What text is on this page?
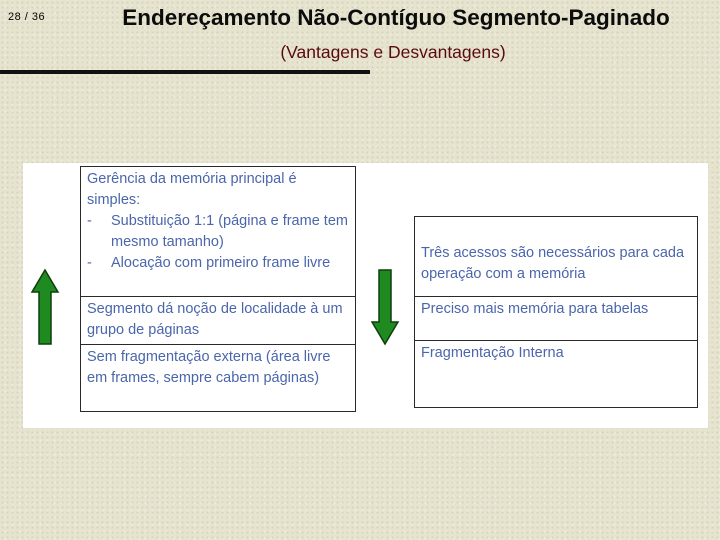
28 / 36	Endereçamento Não-Contíguo Segmento-Paginado
(Vantagens e Desvantagens)
Gerência da memória principal é simples:
-	Substituição 1:1 (página e frame tem mesmo tamanho)
-	Alocação com primeiro frame livre

Segmento dá noção de localidade à um grupo de páginas
Sem fragmentação externa (área livre em frames, sempre cabem páginas)
Três acessos são necessários para cada operação com a memória
Preciso mais memória para tabelas
Fragmentação Interna
